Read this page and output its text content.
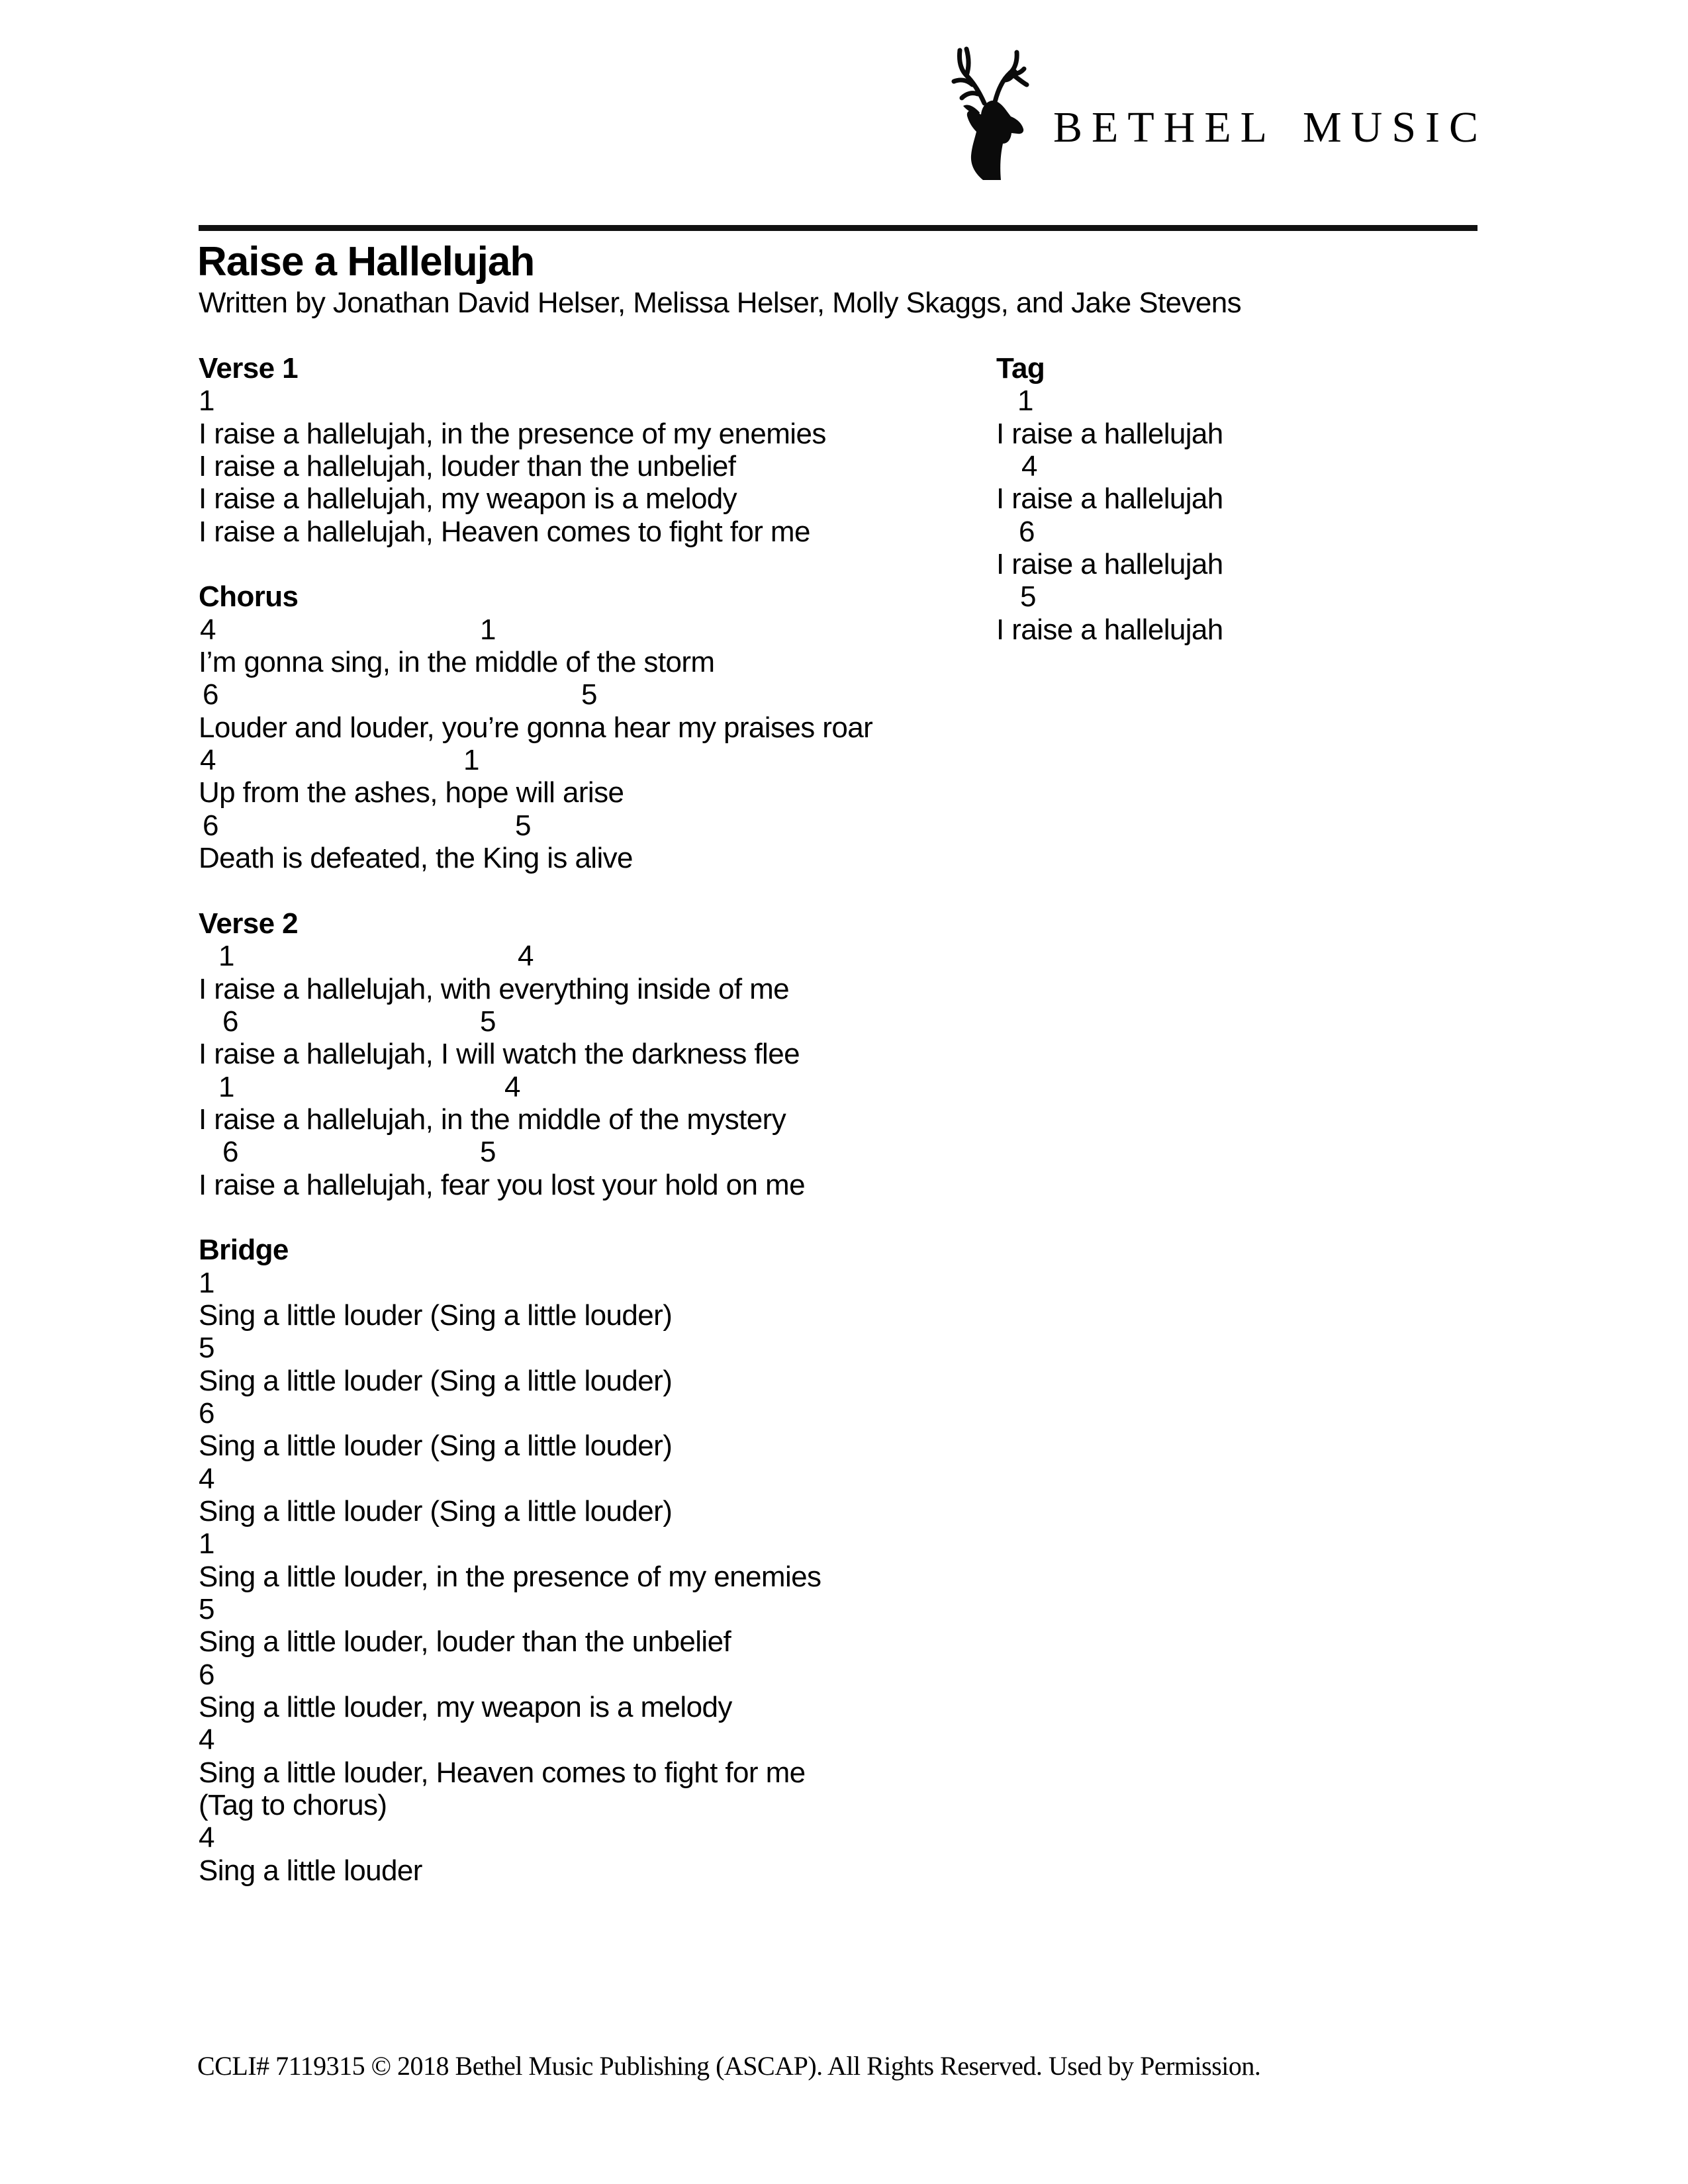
BETHEL MUSIC
Raise a Hallelujah
Written by Jonathan David Helser, Melissa Helser, Molly Skaggs, and Jake Stevens
Verse 1
1
I raise a hallelujah, in the presence of my enemies
I raise a hallelujah, louder than the unbelief
I raise a hallelujah, my weapon is a melody
I raise a hallelujah, Heaven comes to fight for me
Chorus
4	1
I’m gonna sing, in the middle of the storm
6	5
Louder and louder, you’re gonna hear my praises roar
4	1
Up from the ashes, hope will arise
6	5
Death is defeated, the King is alive
Verse 2
1	4
I raise a hallelujah, with everything inside of me
6	5
I raise a hallelujah, I will watch the darkness flee
1	4
I raise a hallelujah, in the middle of the mystery
6	5
I raise a hallelujah, fear you lost your hold on me
Bridge
1
Sing a little louder (Sing a little louder)
5
Sing a little louder (Sing a little louder)
6
Sing a little louder (Sing a little louder)
4
Sing a little louder (Sing a little louder)
1
Sing a little louder, in the presence of my enemies
5
Sing a little louder, louder than the unbelief
6
Sing a little louder, my weapon is a melody
4
Sing a little louder, Heaven comes to fight for me
(Tag to chorus)
4
Sing a little louder
Tag
1
I raise a hallelujah
4
I raise a hallelujah
6
I raise a hallelujah
5
I raise a hallelujah
CCLI# 7119315 © 2018 Bethel Music Publishing (ASCAP). All Rights Reserved. Used by Permission.
